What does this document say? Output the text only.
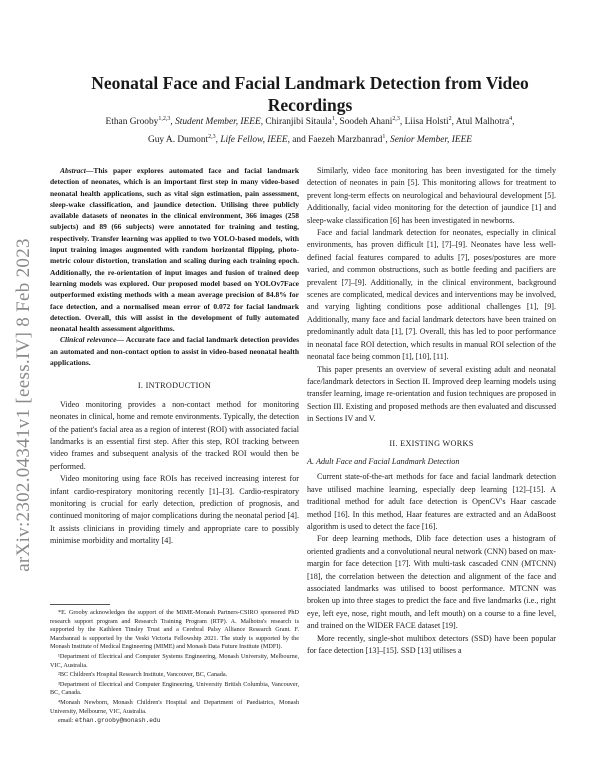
arXiv:2302.04341v1 [eess.IV] 8 Feb 2023
Neonatal Face and Facial Landmark Detection from Video Recordings
Ethan Grooby$^{1,2,3}$, Student Member, IEEE, Chiranjibi Sitaula$^1$, Soodeh Ahani$^{2,3}$, Liisa Holsti$^2$, Atul Malhotra$^4$,
Guy A. Dumont$^{2,3}$, Life Fellow, IEEE, and Faezeh Marzbanrad$^1$, Senior Member, IEEE

Abstract—This paper explores automated face and facial landmark detection of neonates, which is an important first step in many video-based neonatal health applications, such as vital sign estimation, pain assessment, sleep-wake classification, and jaundice detection. Utilising three publicly available datasets of neonates in the clinical environment, 366 images (258 subjects) and 89 (66 subjects) were annotated for training and testing, respectively. Transfer learning was applied to two YOLO-based models, with input training images augmented with random horizontal flipping, photo-metric colour distortion, translation and scaling during each training epoch. Additionally, the re-orientation of input images and fusion of trained deep learning models was explored. Our proposed model based on YOLOv7Face outperformed existing methods with a mean average precision of 84.8% for face detection, and a normalised mean error of 0.072 for facial landmark detection. Overall, this will assist in the development of fully automated neonatal health assessment algorithms.

Clinical relevance— Accurate face and facial landmark detection provides an automated and non-contact option to assist in video-based neonatal health applications.

I. INTRODUCTION

Video monitoring provides a non-contact method for monitoring neonates in clinical, home and remote environments. Typically, the detection of the patient's facial area as a region of interest (ROI) with associated facial landmarks is an essential first step. After this step, ROI tracking between video frames and subsequent analysis of the tracked ROI would then be performed.

Video monitoring using face ROIs has received increasing interest for infant cardio-respiratory monitoring recently [1]–[3]. Cardio-respiratory monitoring is crucial for early detection, prediction of prognosis, and continued monitoring of major complications during the neonatal period [4]. It assists clinicians in providing timely and appropriate care to possibly minimise morbidity and mortality [4].

*E. Grooby acknowledges the support of the MIME-Monash Partners-CSIRO sponsored PhD research support program and Research Training Program (RTP). A. Malhotra's research is supported by the Kathleen Tinsley Trust and a Cerebral Palsy Alliance Research Grant. F. Marzbanrad is supported by the Veski Victoria Fellowship 2021. The study is supported by the Monash Institute of Medical Engineering (MIME) and Monash Data Future Institute (MDFI).

¹Department of Electrical and Computer Systems Engineering, Monash University, Melbourne, VIC, Australia.

²BC Children's Hospital Research Institute, Vancouver, BC, Canada.

³Department of Electrical and Computer Engineering, University British Columbia, Vancouver, BC, Canada.

⁴Monash Newborn, Monash Children's Hospital and Department of Paediatrics, Monash University, Melbourne, VIC, Australia.

email: ethan.grooby@monash.edu

Similarly, video face monitoring has been investigated for the timely detection of neonates in pain [5]. This monitoring allows for treatment to prevent long-term effects on neurological and behavioural development [5]. Additionally, facial video monitoring for the detection of jaundice [1] and sleep-wake classification [6] has been investigated in newborns.

Face and facial landmark detection for neonates, especially in clinical environments, has proven difficult [1], [7]–[9]. Neonates have less well-defined facial features compared to adults [7], poses/postures are more varied, and common obstructions, such as bottle feeding and pacifiers are prevalent [7]–[9]. Additionally, in the clinical environment, background scenes are complicated, medical devices and interventions may be involved, and varying lighting conditions pose additional challenges [1], [9]. Additionally, many face and facial landmark detectors have been trained on predominantly adult data [1], [7]. Overall, this has led to poor performance in neonatal face ROI detection, which results in manual ROI selection of the neonatal face being common [1], [10], [11].

This paper presents an overview of several existing adult and neonatal face/landmark detectors in Section II. Improved deep learning models using transfer learning, image re-orientation and fusion techniques are proposed in Section III. Existing and proposed methods are then evaluated and discussed in Sections IV and V.

II. EXISTING WORKS
A. Adult Face and Facial Landmark Detection

Current state-of-the-art methods for face and facial landmark detection have utilised machine learning, especially deep learning [12]–[15]. A traditional method for adult face detection is OpenCV's Haar cascade method [16]. In this method, Haar features are extracted and an AdaBoost algorithm is used to detect the face [16].

For deep learning methods, Dlib face detection uses a histogram of oriented gradients and a convolutional neural network (CNN) based on max-margin for face detection [17]. With multi-task cascaded CNN (MTCNN) [18], the correlation between the detection and alignment of the face and associated landmarks was utilised to boost performance. MTCNN was broken up into three stages to predict the face and five landmarks (i.e., right eye, left eye, nose, right mouth, and left mouth) on a course to a fine level, and trained on the WIDER FACE dataset [19].

More recently, single-shot multibox detectors (SSD) have been popular for face detection [13]–[15]. SSD [13] utilises a
